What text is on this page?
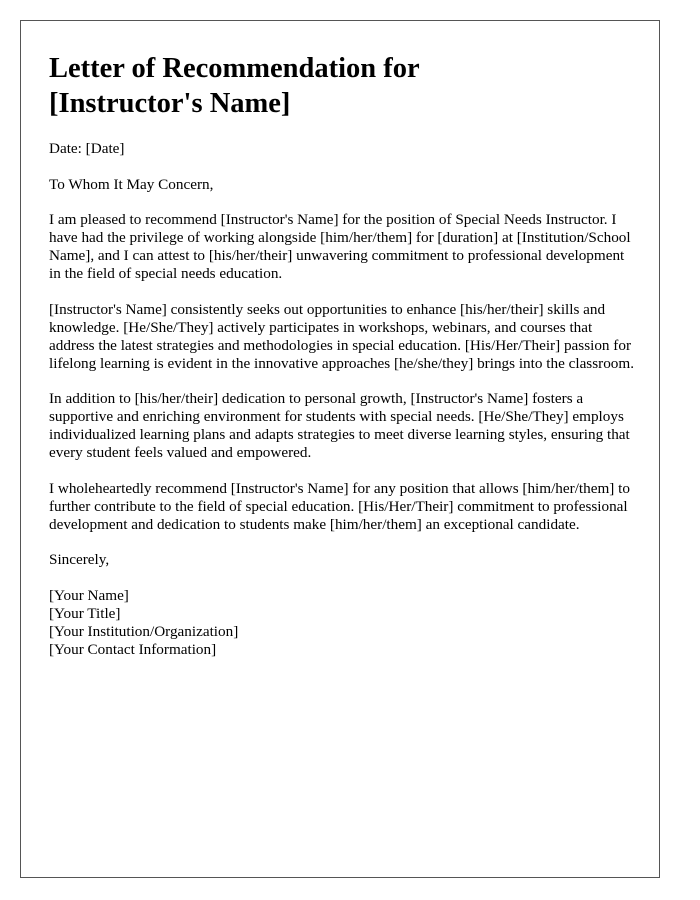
Letter of Recommendation for
[Instructor's Name]

Date: [Date]

To Whom It May Concern,

I am pleased to recommend [Instructor's Name] for the position of Special Needs Instructor. I have had the privilege of working alongside [him/her/them] for [duration] at [Institution/School Name], and I can attest to [his/her/their] unwavering commitment to professional development in the field of special needs education.

[Instructor's Name] consistently seeks out opportunities to enhance [his/her/their] skills and knowledge. [He/She/They] actively participates in workshops, webinars, and courses that address the latest strategies and methodologies in special education. [His/Her/Their] passion for lifelong learning is evident in the innovative approaches [he/she/they] brings into the classroom.

In addition to [his/her/their] dedication to personal growth, [Instructor's Name] fosters a supportive and enriching environment for students with special needs. [He/She/They] employs individualized learning plans and adapts strategies to meet diverse learning styles, ensuring that every student feels valued and empowered.

I wholeheartedly recommend [Instructor's Name] for any position that allows [him/her/them] to further contribute to the field of special education. [His/Her/Their] commitment to professional development and dedication to students make [him/her/them] an exceptional candidate.

Sincerely,

[Your Name]

[Your Title]

[Your Institution/Organization]

[Your Contact Information]
